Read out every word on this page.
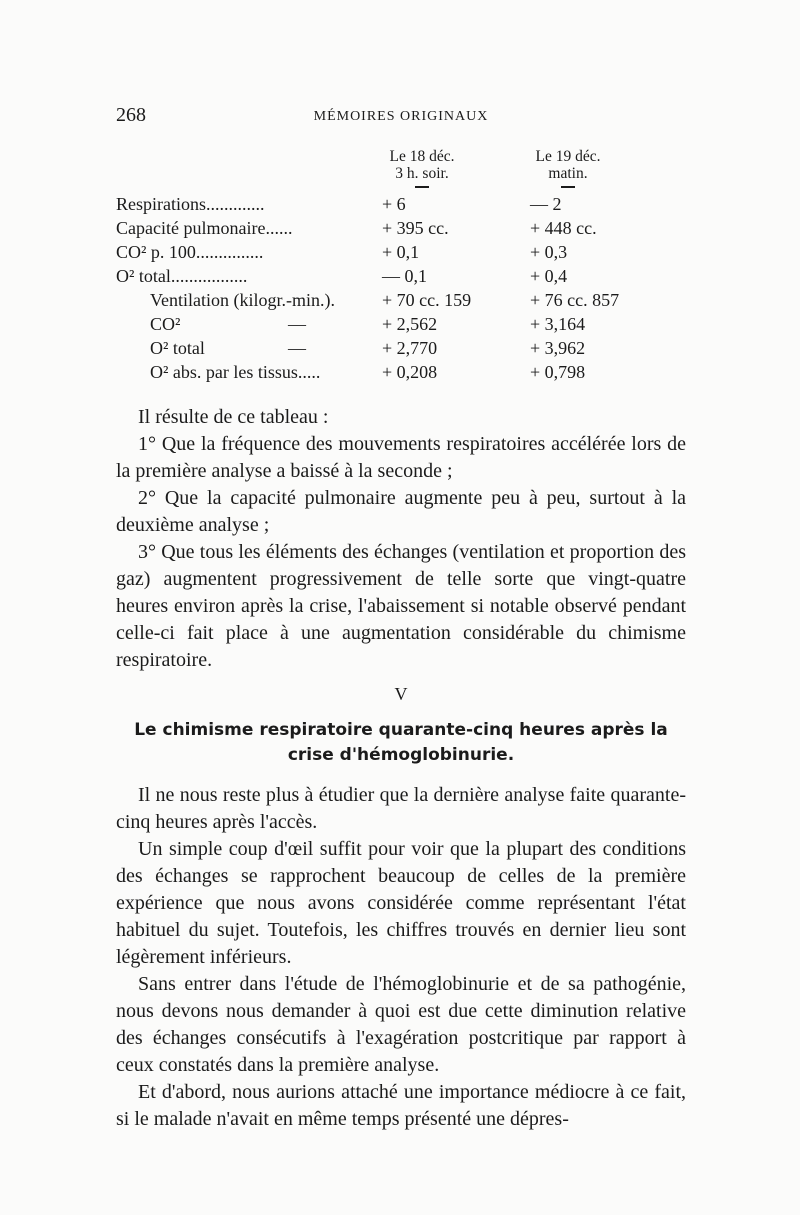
268	MÉMOIRES ORIGINAUX
Le 18 déc.
3 h. soir.
Le 19 déc.
matin.
Respirations.............	+ 6	— 2
Capacité pulmonaire......	+ 395 cc.	+ 448 cc.
CO² p. 100...............	+ 0,1	+ 0,3
O² total.................	— 0,1	+ 0,4
Ventilation (kilogr.-min.).	+ 70 cc. 159	+ 76 cc. 857
CO²	—	+ 2,562	+ 3,164
O² total	—	+ 2,770	+ 3,962
O² abs. par les tissus.....	+ 0,208	+ 0,798

Il résulte de ce tableau :

1° Que la fréquence des mouvements respiratoires accélérée lors de la première analyse a baissé à la seconde ;

2° Que la capacité pulmonaire augmente peu à peu, surtout à la deuxième analyse ;

3° Que tous les éléments des échanges (ventilation et proportion des gaz) augmentent progressivement de telle sorte que vingt-quatre heures environ après la crise, l'abaissement si notable observé pendant celle-ci fait place à une augmentation considérable du chimisme respiratoire.

V
Le chimisme respiratoire quarante-cinq heures après la crise d'hémoglobinurie.

Il ne nous reste plus à étudier que la dernière analyse faite quarante-cinq heures après l'accès.

Un simple coup d'œil suffit pour voir que la plupart des conditions des échanges se rapprochent beaucoup de celles de la première expérience que nous avons considérée comme représentant l'état habituel du sujet. Toutefois, les chiffres trouvés en dernier lieu sont légèrement inférieurs.

Sans entrer dans l'étude de l'hémoglobinurie et de sa pathogénie, nous devons nous demander à quoi est due cette diminution relative des échanges consécutifs à l'exagération postcritique par rapport à ceux constatés dans la première analyse.

Et d'abord, nous aurions attaché une importance médiocre à ce fait, si le malade n'avait en même temps présenté une dépres-
